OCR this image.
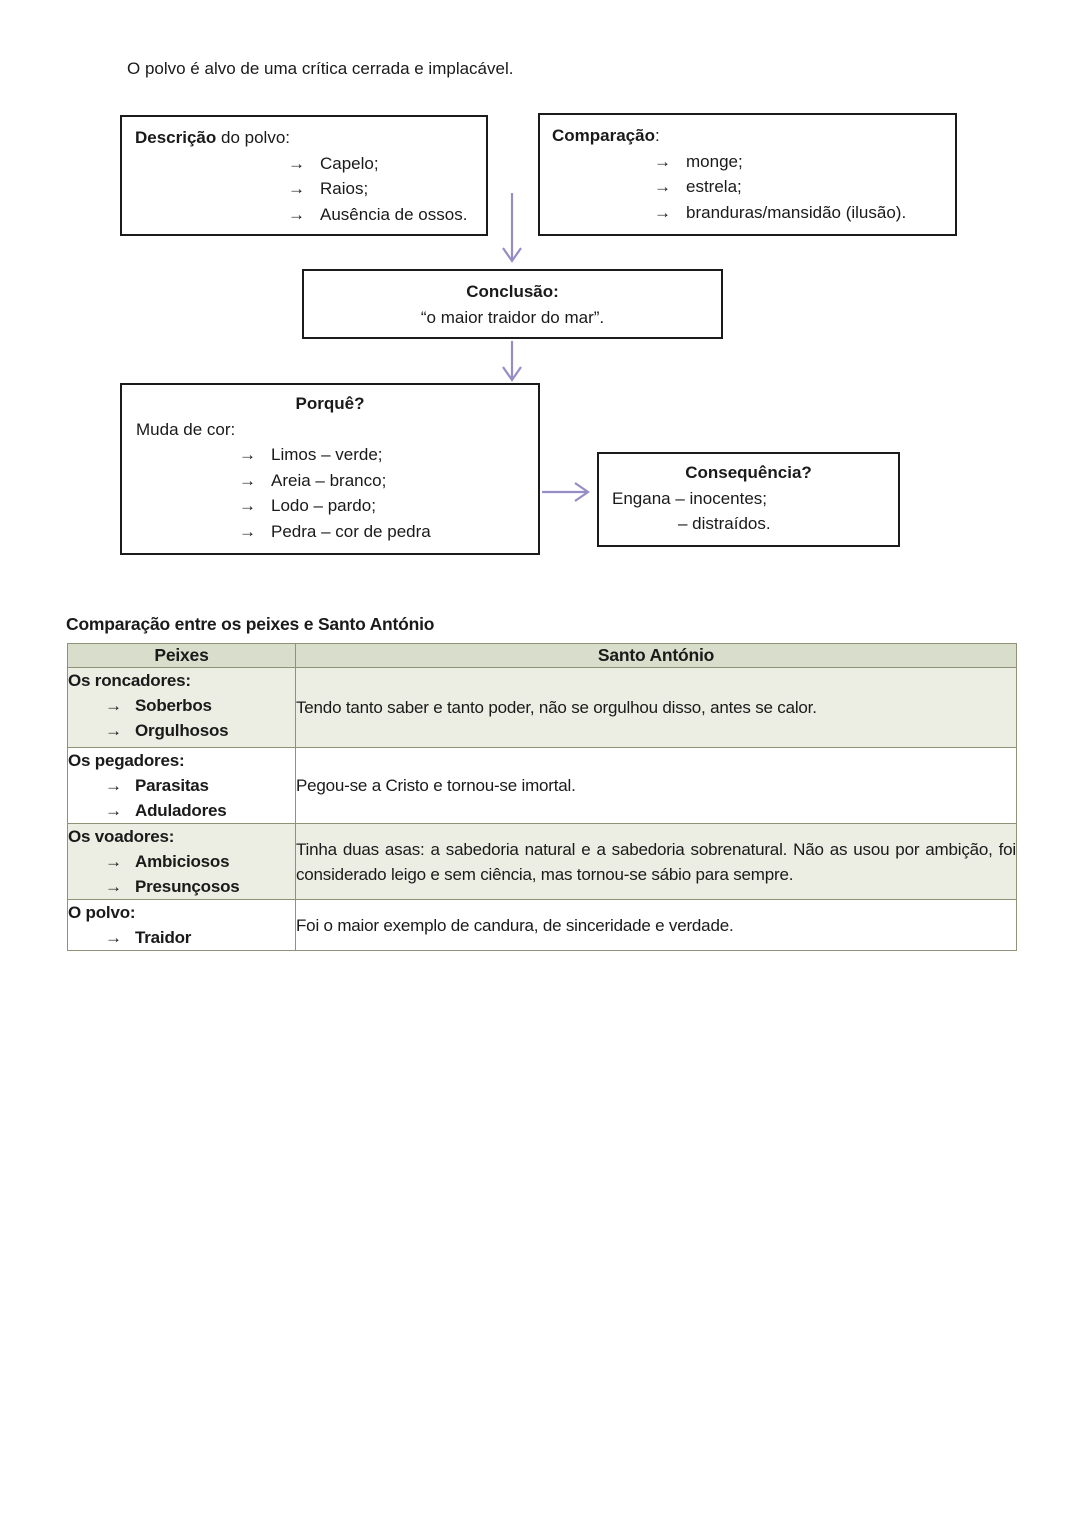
O polvo é alvo de uma crítica cerrada e implacável.
Descrição do polvo:
→ Capelo;
→ Raios;
→ Ausência de ossos.
Comparação:
→ monge;
→ estrela;
→ branduras/mansidão (ilusão).
Conclusão:
“o maior traidor do mar”.
Porquê?
Muda de cor:
→ Limos – verde;
→ Areia – branco;
→ Lodo – pardo;
→ Pedra – cor de pedra
Consequência?
Engana – inocentes;
– distraídos.
Comparação entre os peixes e Santo António
Peixes	Santo António

Os roncadores:
→ Soberbos
→ Orgulhosos	Tendo tanto saber e tanto poder, não se orgulhou disso, antes se calor.

Os pegadores:
→ Parasitas
→ Aduladores	Pegou-se a Cristo e tornou-se imortal.

Os voadores:
→ Ambiciosos
→ Presunçosos	Tinha duas asas: a sabedoria natural e a sabedoria sobrenatural. Não as usou por ambição, foi considerado leigo e sem ciência, mas tornou-se sábio para sempre.

O polvo:
→ Traidor	Foi o maior exemplo de candura, de sinceridade e verdade.
